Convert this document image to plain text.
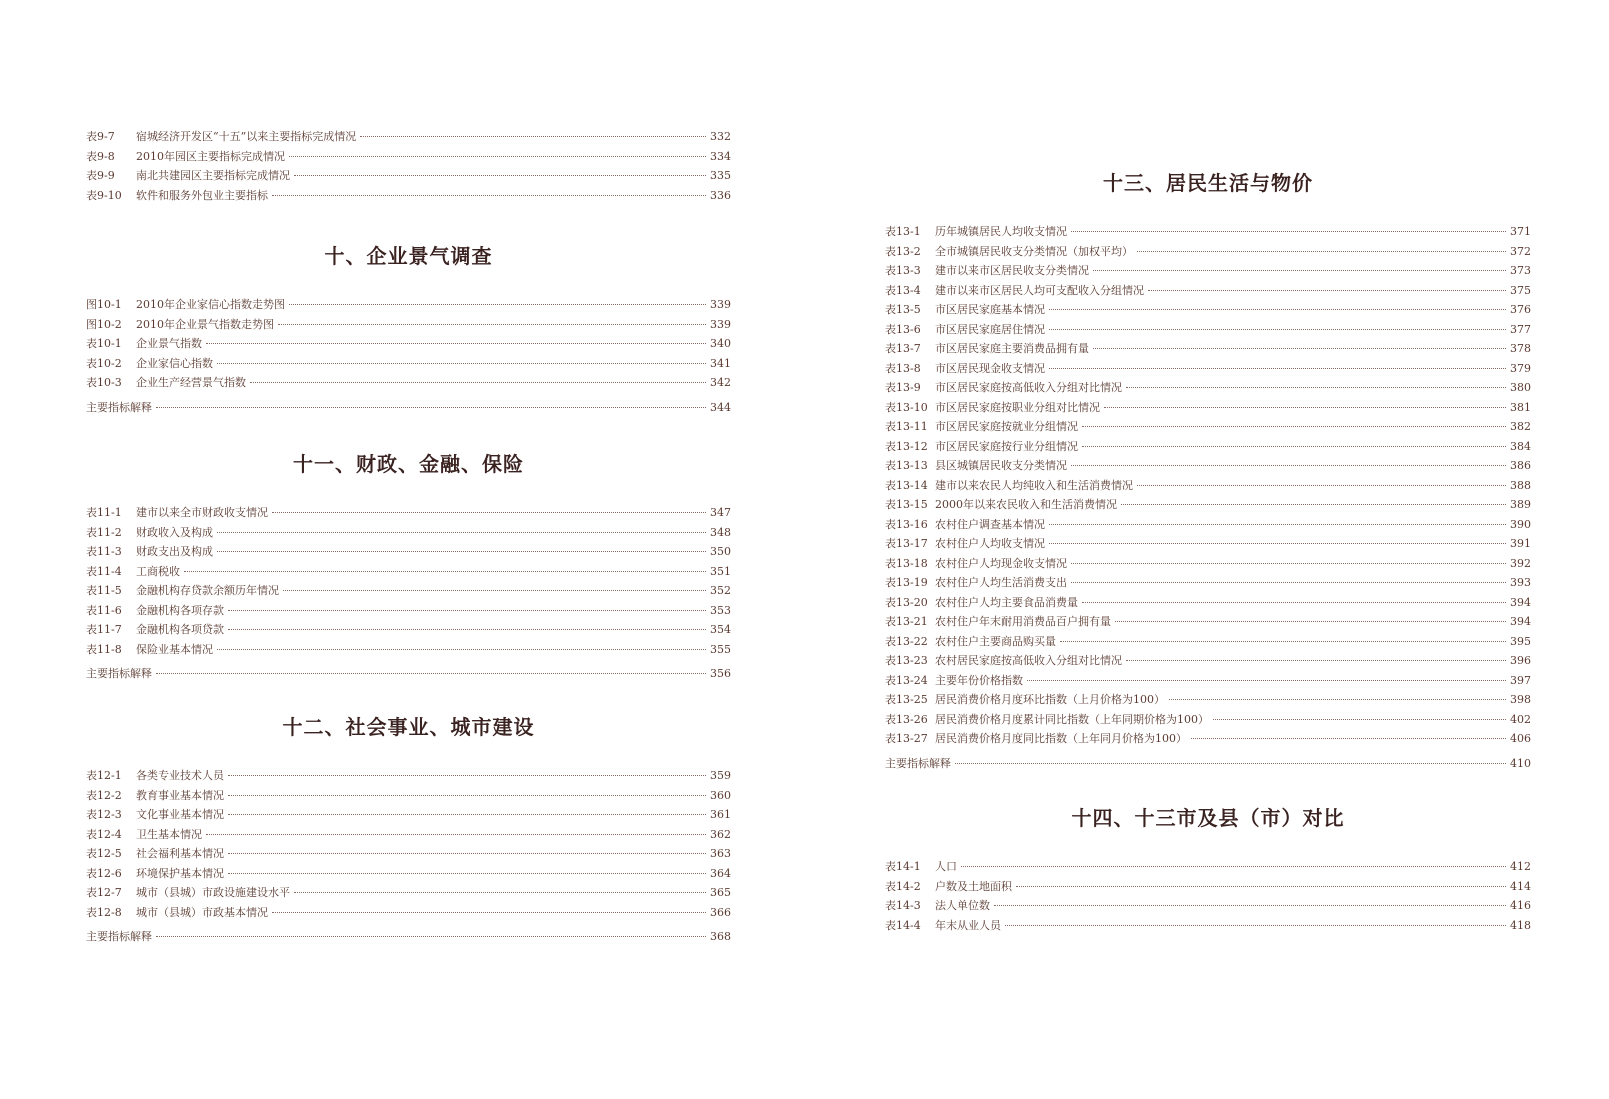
表9-7	宿城经济开发区“十五”以来主要指标完成情况	332
表9-8	2010年园区主要指标完成情况	334
表9-9	南北共建园区主要指标完成情况	335
表9-10	软件和服务外包业主要指标	336
十、企业景气调查
图10-1	2010年企业家信心指数走势图	339
图10-2	2010年企业景气指数走势图	339
表10-1	企业景气指数	340
表10-2	企业家信心指数	341
表10-3	企业生产经营景气指数	342
主要指标解释	344
十一、财政、金融、保险
表11-1	建市以来全市财政收支情况	347
表11-2	财政收入及构成	348
表11-3	财政支出及构成	350
表11-4	工商税收	351
表11-5	金融机构存贷款余额历年情况	352
表11-6	金融机构各项存款	353
表11-7	金融机构各项贷款	354
表11-8	保险业基本情况	355
主要指标解释	356
十二、社会事业、城市建设
表12-1	各类专业技术人员	359
表12-2	教育事业基本情况	360
表12-3	文化事业基本情况	361
表12-4	卫生基本情况	362
表12-5	社会福利基本情况	363
表12-6	环境保护基本情况	364
表12-7	城市（县城）市政设施建设水平	365
表12-8	城市（县城）市政基本情况	366
主要指标解释	368
十三、居民生活与物价
表13-1	历年城镇居民人均收支情况	371
表13-2	全市城镇居民收支分类情况（加权平均）	372
表13-3	建市以来市区居民收支分类情况	373
表13-4	建市以来市区居民人均可支配收入分组情况	375
表13-5	市区居民家庭基本情况	376
表13-6	市区居民家庭居住情况	377
表13-7	市区居民家庭主要消费品拥有量	378
表13-8	市区居民现金收支情况	379
表13-9	市区居民家庭按高低收入分组对比情况	380
表13-10 市区居民家庭按职业分组对比情况	381
表13-11 市区居民家庭按就业分组情况	382
表13-12 市区居民家庭按行业分组情况	384
表13-13 县区城镇居民收支分类情况	386
表13-14 建市以来农民人均纯收入和生活消费情况	388
表13-15 2000年以来农民收入和生活消费情况	389
表13-16 农村住户调查基本情况	390
表13-17 农村住户人均收支情况	391
表13-18 农村住户人均现金收支情况	392
表13-19 农村住户人均生活消费支出	393
表13-20 农村住户人均主要食品消费量	394
表13-21 农村住户年末耐用消费品百户拥有量	394
表13-22 农村住户主要商品购买量	395
表13-23 农村居民家庭按高低收入分组对比情况	396
表13-24 主要年份价格指数	397
表13-25 居民消费价格月度环比指数（上月价格为100）	398
表13-26 居民消费价格月度累计同比指数（上年同期价格为100）	402
表13-27 居民消费价格月度同比指数（上年同月价格为100）	406
主要指标解释	410
十四、十三市及县（市）对比
表14-1	人口	412
表14-2	户数及土地面积	414
表14-3	法人单位数	416
表14-4	年末从业人员	418
